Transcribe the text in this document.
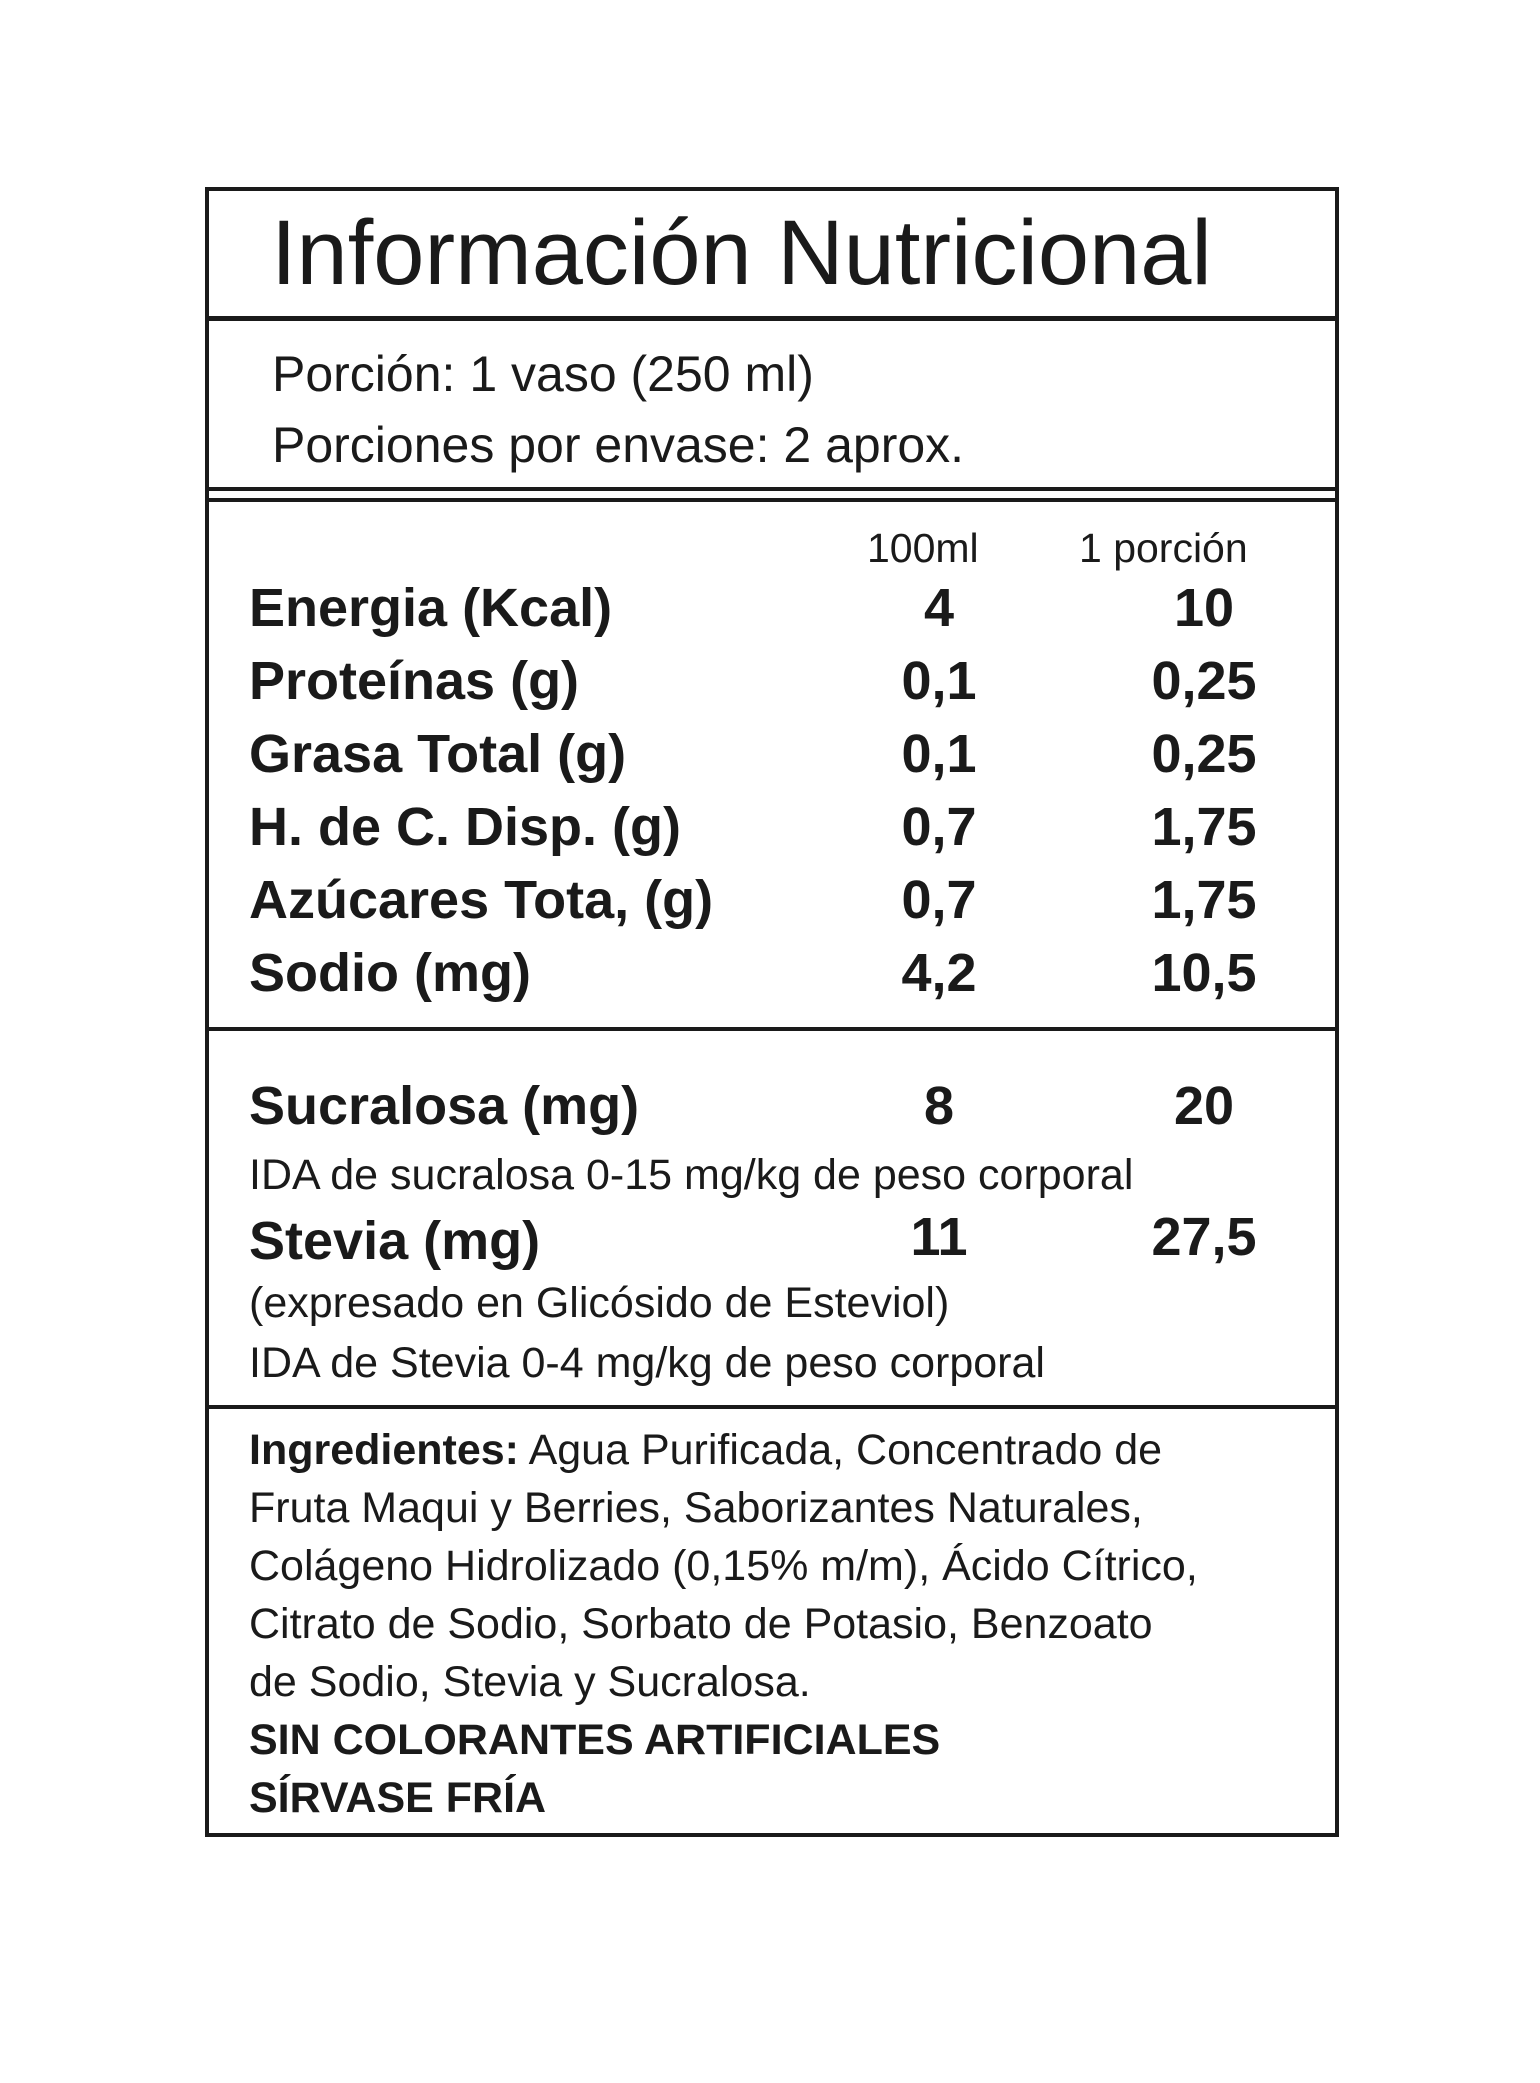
Información Nutricional
Porción: 1 vaso (250 ml)
Porciones por envase: 2 aprox.
100ml 1 porción
Energia (Kcal)	4	10
Proteínas (g)	0,1	0,25
Grasa Total (g)	0,1	0,25
H. de C. Disp. (g)	0,7	1,75
Azúcares Tota, (g)	0,7	1,75
Sodio (mg)	4,2	10,5
Sucralosa (mg)	8	20
IDA de sucralosa 0-15 mg/kg de peso corporal
Stevia (mg)	11	27,5
(expresado en Glicósido de Esteviol)
IDA de Stevia 0-4 mg/kg de peso corporal

Ingredientes: Agua Purificada, Concentrado de

Fruta Maqui y Berries, Saborizantes Naturales,

Colágeno Hidrolizado (0,15% m/m), Ácido Cítrico,

Citrato de Sodio, Sorbato de Potasio, Benzoato

de Sodio, Stevia y Sucralosa.

SIN COLORANTES ARTIFICIALES

SÍRVASE FRÍA
